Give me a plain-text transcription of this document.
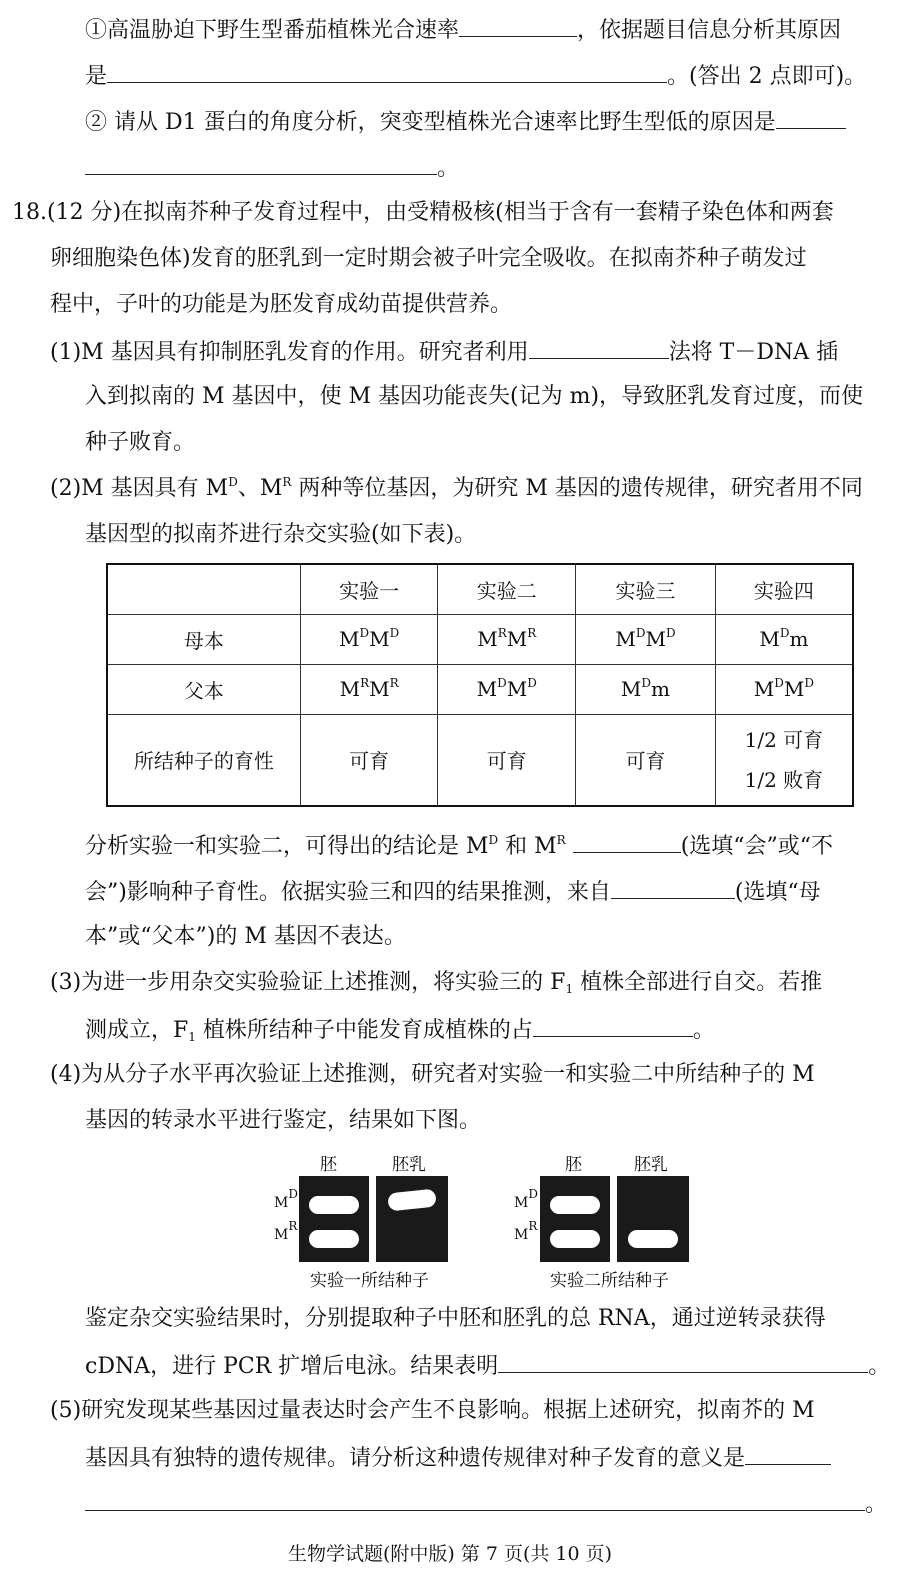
①高温胁迫下野生型番茄植株光合速率	，依据题目信息分析其原因
是	。(答出 2 点即可)。
② 请从 D1 蛋白的角度分析，突变型植株光合速率比野生型低的原因是
。
18.(12 分)在拟南芥种子发育过程中，由受精极核(相当于含有一套精子染色体和两套
卵细胞染色体)发育的胚乳到一定时期会被子叶完全吸收。在拟南芥种子萌发过
程中，子叶的功能是为胚发育成幼苗提供营养。
(1)M 基因具有抑制胚乳发育的作用。研究者利用	法将 T－DNA 插
入到拟南的 M 基因中，使 M 基因功能丧失(记为 m)，导致胚乳发育过度，而使
种子败育。
(2)M 基因具有 $M^D$、$M^R$ 两种等位基因，为研究 M 基因的遗传规律，研究者用不同
基因型的拟南芥进行杂交实验(如下表)。
	实验一	实验二	实验三	实验四
母本	$M^DM^D$	$M^RM^R$	$M^DM^D$	$M^Dm$
父本	$M^RM^R$	$M^DM^D$	$M^Dm$	$M^DM^D$
所结种子的育性	可育	可育	可育	1/2 可育
1/2 败育
分析实验一和实验二，可得出的结论是 $M^D$ 和 $M^R$	(选填“会”或“不
会”)影响种子育性。依据实验三和四的结果推测，来自	(选填“母
本”或“父本”)的 M 基因不表达。
(3)为进一步用杂交实验验证上述推测，将实验三的 $F_1$ 植株全部进行自交。若推
测成立，$F_1$ 植株所结种子中能发育成植株的占	。
(4)为从分子水平再次验证上述推测，研究者对实验一和实验二中所结种子的 M
基因的转录水平进行鉴定，结果如下图。
胚	胚乳
$M^D$
$M^R$
实验一所结种子
胚	胚乳
$M^D$
$M^R$
实验二所结种子
鉴定杂交实验结果时，分别提取种子中胚和胚乳的总 RNA，通过逆转录获得
cDNA，进行 PCR 扩增后电泳。结果表明	。
(5)研究发现某些基因过量表达时会产生不良影响。根据上述研究，拟南芥的 M
基因具有独特的遗传规律。请分析这种遗传规律对种子发育的意义是
。
生物学试题(附中版) 第 7 页(共 10 页)
